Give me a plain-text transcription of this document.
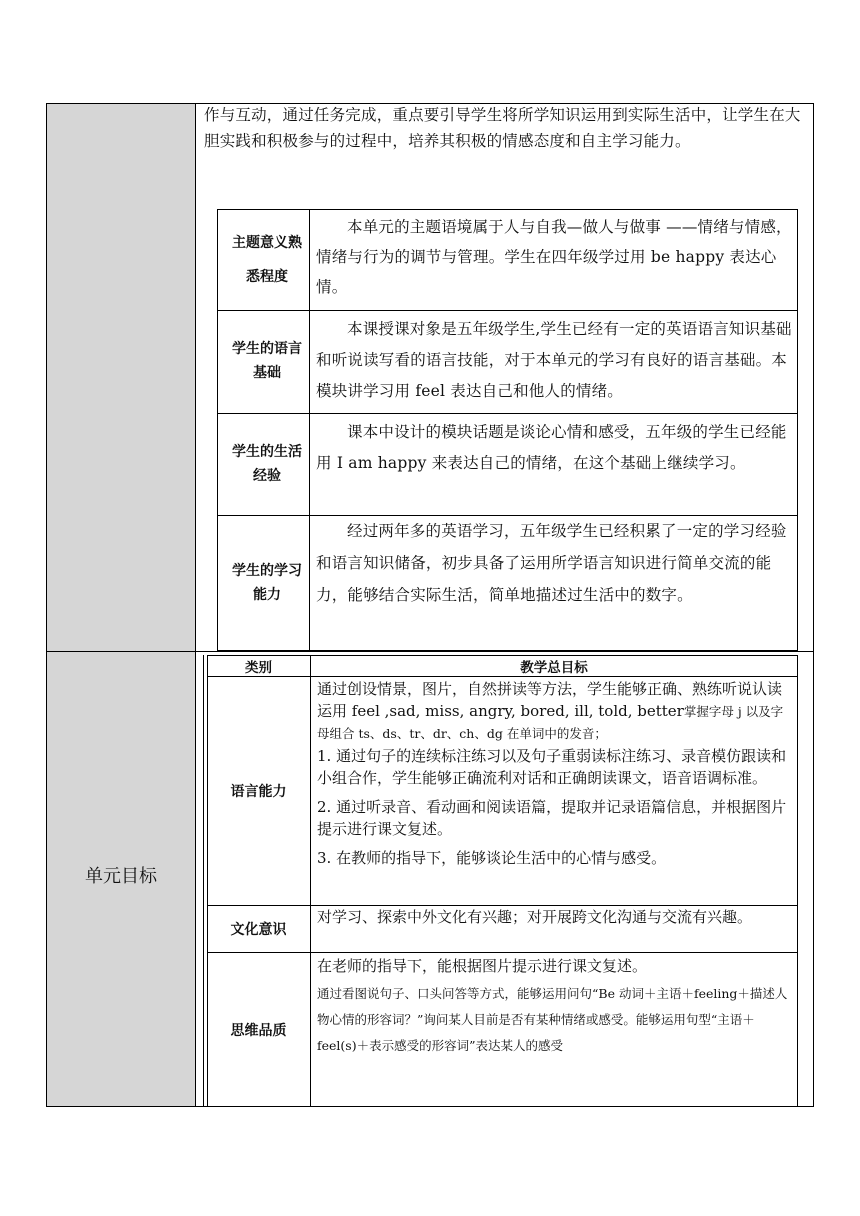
作与互动，通过任务完成，重点要引导学生将所学知识运用到实际生活中，让学生在大胆实践和积极参与的过程中，培养其积极的情感态度和自主学习能力。
主题意义熟悉程度
本单元的主题语境属于人与自我—做人与做事 ——情绪与情感，情绪与行为的调节与管理。学生在四年级学过用 be happy 表达心情。
学生的语言基础
本课授课对象是五年级学生,学生已经有一定的英语语言知识基础和听说读写看的语言技能，对于本单元的学习有良好的语言基础。本模块讲学习用 feel 表达自己和他人的情绪。
学生的生活经验
课本中设计的模块话题是谈论心情和感受，五年级的学生已经能用 I am happy 来表达自己的情绪，在这个基础上继续学习。
学生的学习能力
经过两年多的英语学习，五年级学生已经积累了一定的学习经验和语言知识储备，初步具备了运用所学语言知识进行简单交流的能力，能够结合实际生活，简单地描述过生活中的数字。
单元目标
类别	教学总目标
语言能力

通过创设情景，图片，自然拼读等方法，学生能够正确、熟练听说认读运用 feel ,sad, miss, angry, bored, ill, told, better掌握字母 j 以及字母组合 ts、ds、tr、dr、ch、dg 在单词中的发音；

1. 通过句子的连续标注练习以及句子重弱读标注练习、录音模仿跟读和小组合作，学生能够正确流利对话和正确朗读课文，语音语调标准。

2. 通过听录音、看动画和阅读语篇，提取并记录语篇信息，并根据图片提示进行课文复述。

3. 在教师的指导下，能够谈论生活中的心情与感受。

文化意识
对学习、探索中外文化有兴趣；对开展跨文化沟通与交流有兴趣。
思维品质

在老师的指导下，能根据图片提示进行课文复述。

通过看图说句子、口头问答等方式，能够运用问句“Be 动词＋主语＋feeling＋描述人物心情的形容词？”询问某人目前是否有某种情绪或感受。能够运用句型“主语＋feel(s)＋表示感受的形容词”表达某人的感受
